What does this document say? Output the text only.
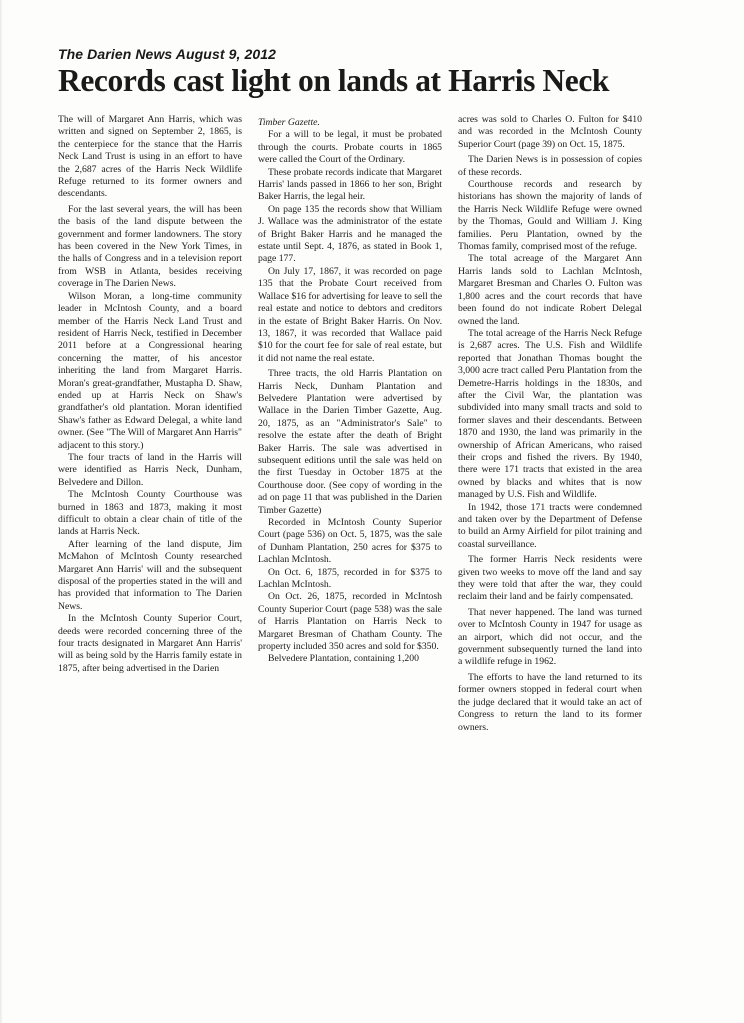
The Darien News August 9, 2012
Records cast light on lands at Harris Neck

The will of Margaret Ann Harris, which was written and signed on September 2, 1865, is the centerpiece for the stance that the Harris Neck Land Trust is using in an effort to have the 2,687 acres of the Harris Neck Wildlife Refuge returned to its former owners and descendants.

For the last several years, the will has been the basis of the land dispute between the government and former landowners. The story has been covered in the New York Times, in the halls of Congress and in a television report from WSB in Atlanta, besides receiving coverage in The Darien News.

Wilson Moran, a long-time community leader in McIntosh County, and a board member of the Harris Neck Land Trust and resident of Harris Neck, testified in December 2011 before at a Congressional hearing concerning the matter, of his ancestor inheriting the land from Margaret Harris. Moran's great-grandfather, Mustapha D. Shaw, ended up at Harris Neck on Shaw's grandfather's old plantation. Moran identified Shaw's father as Edward Delegal, a white land owner. (See "The Will of Margaret Ann Harris" adjacent to this story.)

The four tracts of land in the Harris will were identified as Harris Neck, Dunham, Belvedere and Dillon.

The McIntosh County Courthouse was burned in 1863 and 1873, making it most difficult to obtain a clear chain of title of the lands at Harris Neck.

After learning of the land dispute, Jim McMahon of McIntosh County researched Margaret Ann Harris' will and the subsequent disposal of the properties stated in the will and has provided that information to The Darien News.

In the McIntosh County Superior Court, deeds were recorded concerning three of the four tracts designated in Margaret Ann Harris' will as being sold by the Harris family estate in 1875, after being advertised in the Darien

Timber Gazette.

For a will to be legal, it must be probated through the courts. Probate courts in 1865 were called the Court of the Ordinary.

These probate records indicate that Margaret Harris' lands passed in 1866 to her son, Bright Baker Harris, the legal heir.

On page 135 the records show that William J. Wallace was the administrator of the estate of Bright Baker Harris and he managed the estate until Sept. 4, 1876, as stated in Book 1, page 177.

On July 17, 1867, it was recorded on page 135 that the Probate Court received from Wallace $16 for advertising for leave to sell the real estate and notice to debtors and creditors in the estate of Bright Baker Harris. On Nov. 13, 1867, it was recorded that Wallace paid $10 for the court fee for sale of real estate, but it did not name the real estate.

Three tracts, the old Harris Plantation on Harris Neck, Dunham Plantation and Belvedere Plantation were advertised by Wallace in the Darien Timber Gazette, Aug. 20, 1875, as an "Administrator's Sale" to resolve the estate after the death of Bright Baker Harris. The sale was advertised in subsequent editions until the sale was held on the first Tuesday in October 1875 at the Courthouse door. (See copy of wording in the ad on page 11 that was published in the Darien Timber Gazette)

Recorded in McIntosh County Superior Court (page 536) on Oct. 5, 1875, was the sale of Dunham Plantation, 250 acres for $375 to Lachlan McIntosh.

On Oct. 6, 1875, recorded in for $375 to Lachlan McIntosh.

On Oct. 26, 1875, recorded in McIntosh County Superior Court (page 538) was the sale of Harris Plantation on Harris Neck to Margaret Bresman of Chatham County. The property included 350 acres and sold for $350.

Belvedere Plantation, containing 1,200

acres was sold to Charles O. Fulton for $410 and was recorded in the McIntosh County Superior Court (page 39) on Oct. 15, 1875.

The Darien News is in possession of copies of these records.

Courthouse records and research by historians has shown the majority of lands of the Harris Neck Wildlife Refuge were owned by the Thomas, Gould and William J. King families. Peru Plantation, owned by the Thomas family, comprised most of the refuge.

The total acreage of the Margaret Ann Harris lands sold to Lachlan McIntosh, Margaret Bresman and Charles O. Fulton was 1,800 acres and the court records that have been found do not indicate Robert Delegal owned the land.

The total acreage of the Harris Neck Refuge is 2,687 acres. The U.S. Fish and Wildlife reported that Jonathan Thomas bought the 3,000 acre tract called Peru Plantation from the Demetre-Harris holdings in the 1830s, and after the Civil War, the plantation was subdivided into many small tracts and sold to former slaves and their descendants. Between 1870 and 1930, the land was primarily in the ownership of African Americans, who raised their crops and fished the rivers. By 1940, there were 171 tracts that existed in the area owned by blacks and whites that is now managed by U.S. Fish and Wildlife.

In 1942, those 171 tracts were condemned and taken over by the Department of Defense to build an Army Airfield for pilot training and coastal surveillance.

The former Harris Neck residents were given two weeks to move off the land and say they were told that after the war, they could reclaim their land and be fairly compensated.

That never happened. The land was turned over to McIntosh County in 1947 for usage as an airport, which did not occur, and the government subsequently turned the land into a wildlife refuge in 1962.

The efforts to have the land returned to its former owners stopped in federal court when the judge declared that it would take an act of Congress to return the land to its former owners.
